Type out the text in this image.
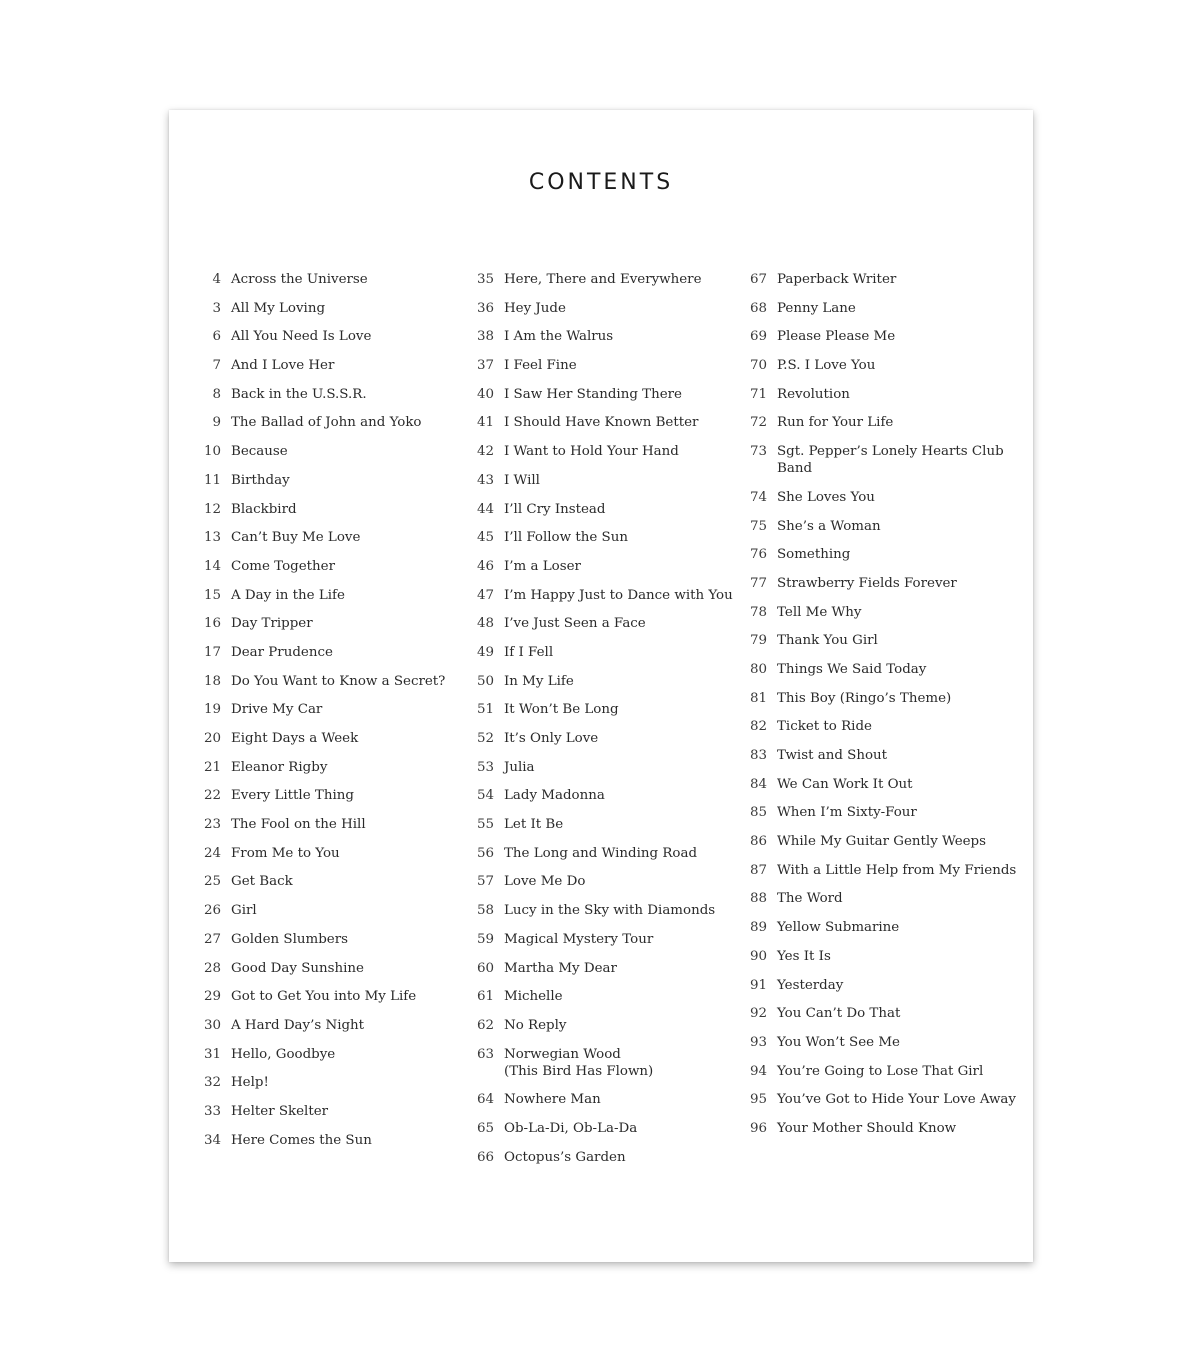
CONTENTS
4 Across the Universe
3 All My Loving
6 All You Need Is Love
7 And I Love Her
8 Back in the U.S.S.R.
9 The Ballad of John and Yoko
10 Because
11 Birthday
12 Blackbird
13 Can’t Buy Me Love
14 Come Together
15 A Day in the Life
16 Day Tripper
17 Dear Prudence
18 Do You Want to Know a Secret?
19 Drive My Car
20 Eight Days a Week
21 Eleanor Rigby
22 Every Little Thing
23 The Fool on the Hill
24 From Me to You
25 Get Back
26 Girl
27 Golden Slumbers
28 Good Day Sunshine
29 Got to Get You into My Life
30 A Hard Day’s Night
31 Hello, Goodbye
32 Help!
33 Helter Skelter
34 Here Comes the Sun
35 Here, There and Everywhere
36 Hey Jude
38 I Am the Walrus
37 I Feel Fine
40 I Saw Her Standing There
41 I Should Have Known Better
42 I Want to Hold Your Hand
43 I Will
44 I’ll Cry Instead
45 I’ll Follow the Sun
46 I’m a Loser
47 I’m Happy Just to Dance with You
48 I’ve Just Seen a Face
49 If I Fell
50 In My Life
51 It Won’t Be Long
52 It’s Only Love
53 Julia
54 Lady Madonna
55 Let It Be
56 The Long and Winding Road
57 Love Me Do
58 Lucy in the Sky with Diamonds
59 Magical Mystery Tour
60 Martha My Dear
61 Michelle
62 No Reply
63 Norwegian Wood
(This Bird Has Flown)
64 Nowhere Man
65 Ob-La-Di, Ob-La-Da
66 Octopus’s Garden
67 Paperback Writer
68 Penny Lane
69 Please Please Me
70 P.S. I Love You
71 Revolution
72 Run for Your Life
73 Sgt. Pepper’s Lonely Hearts Club Band
74 She Loves You
75 She’s a Woman
76 Something
77 Strawberry Fields Forever
78 Tell Me Why
79 Thank You Girl
80 Things We Said Today
81 This Boy (Ringo’s Theme)
82 Ticket to Ride
83 Twist and Shout
84 We Can Work It Out
85 When I’m Sixty-Four
86 While My Guitar Gently Weeps
87 With a Little Help from My Friends
88 The Word
89 Yellow Submarine
90 Yes It Is
91 Yesterday
92 You Can’t Do That
93 You Won’t See Me
94 You’re Going to Lose That Girl
95 You’ve Got to Hide Your Love Away
96 Your Mother Should Know
